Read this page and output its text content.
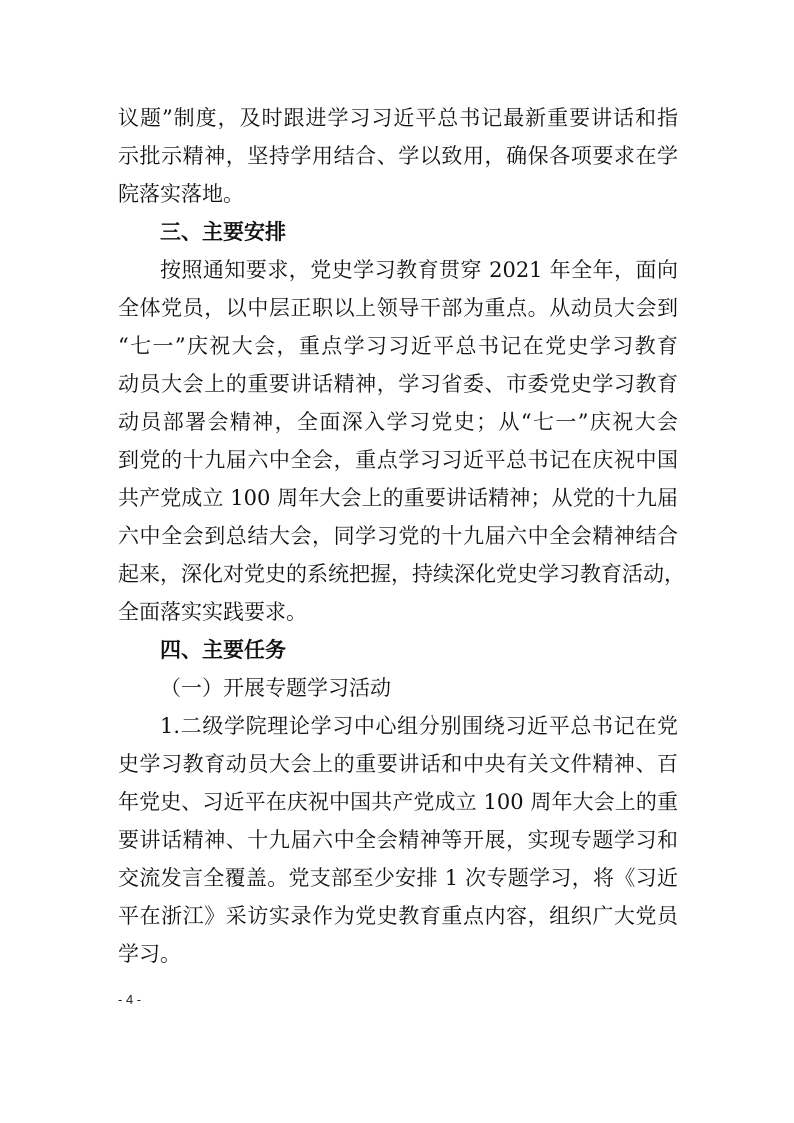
议题”制度，及时跟进学习习近平总书记最新重要讲话和指
示批示精神，坚持学用结合、学以致用，确保各项要求在学
院落实落地。
三、主要安排
按照通知要求，党史学习教育贯穿 2021 年全年，面向
全体党员，以中层正职以上领导干部为重点。从动员大会到
“七一”庆祝大会，重点学习习近平总书记在党史学习教育
动员大会上的重要讲话精神，学习省委、市委党史学习教育
动员部署会精神，全面深入学习党史；从“七一”庆祝大会
到党的十九届六中全会，重点学习习近平总书记在庆祝中国
共产党成立 100 周年大会上的重要讲话精神；从党的十九届
六中全会到总结大会，同学习党的十九届六中全会精神结合
起来，深化对党史的系统把握，持续深化党史学习教育活动，
全面落实实践要求。
四、主要任务
（一）开展专题学习活动
1.二级学院理论学习中心组分别围绕习近平总书记在党
史学习教育动员大会上的重要讲话和中央有关文件精神、百
年党史、习近平在庆祝中国共产党成立 100 周年大会上的重
要讲话精神、十九届六中全会精神等开展，实现专题学习和
交流发言全覆盖。党支部至少安排 1 次专题学习，将《习近
平在浙江》采访实录作为党史教育重点内容，组织广大党员
学习。
- 4 -
